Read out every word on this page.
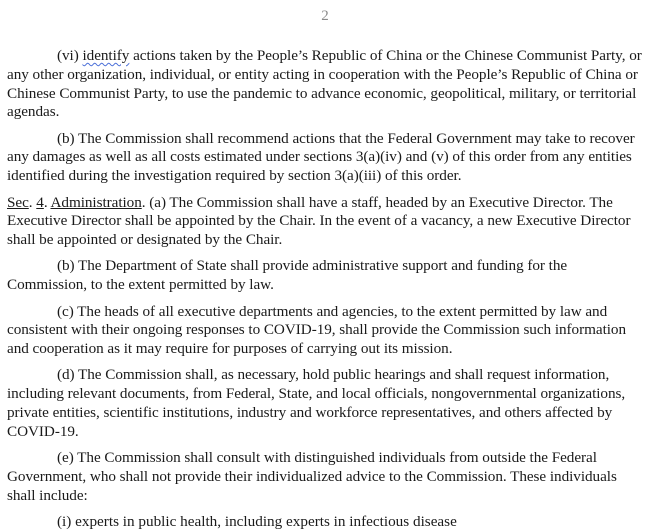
2

(vi) identify actions taken by the People’s Republic of China or the Chinese Communist Party, or any other organization, individual, or entity acting in cooperation with the People’s Republic of China or Chinese Communist Party, to use the pandemic to advance economic, geopolitical, military, or territorial agendas.

(b) The Commission shall recommend actions that the Federal Government may take to recover any damages as well as all costs estimated under sections 3(a)(iv) and (v) of this order from any entities identified during the investigation required by section 3(a)(iii) of this order.

Sec. 4. Administration. (a) The Commission shall have a staff, headed by an Executive Director. The Executive Director shall be appointed by the Chair. In the event of a vacancy, a new Executive Director shall be appointed or designated by the Chair.

(b) The Department of State shall provide administrative support and funding for the Commission, to the extent permitted by law.

(c) The heads of all executive departments and agencies, to the extent permitted by law and consistent with their ongoing responses to COVID-19, shall provide the Commission such information and cooperation as it may require for purposes of carrying out its mission.

(d) The Commission shall, as necessary, hold public hearings and shall request information, including relevant documents, from Federal, State, and local officials, nongovernmental organizations, private entities, scientific institutions, industry and workforce representatives, and others affected by COVID-19.

(e) The Commission shall consult with distinguished individuals from outside the Federal Government, who shall not provide their individualized advice to the Commission. These individuals shall include:

(i) experts in public health, including experts in infectious disease
